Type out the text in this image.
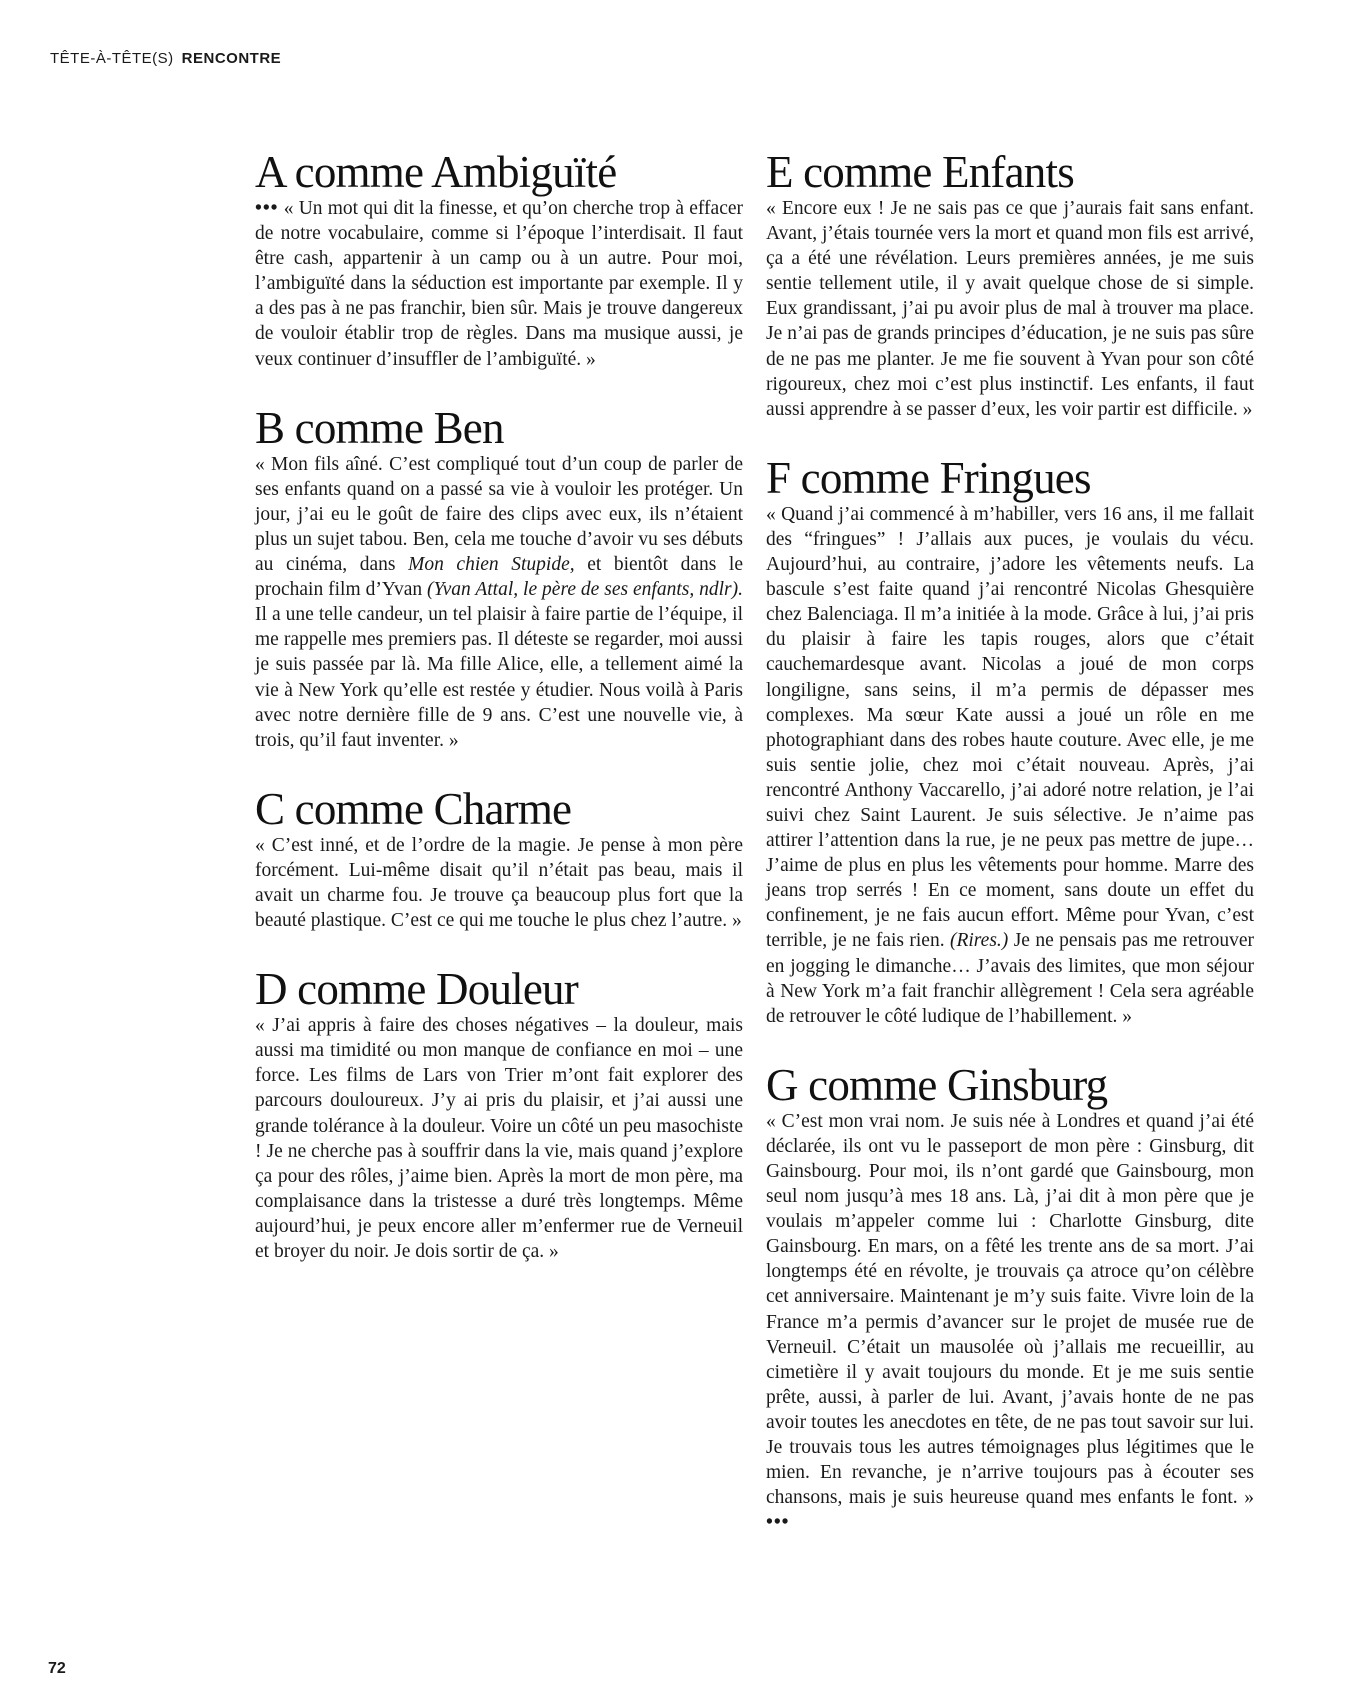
TÊTE-À-TÊTE(S) RENCONTRE
A comme Ambiguïté

••• « Un mot qui dit la finesse, et qu’on cherche trop à effacer de notre vocabulaire, comme si l’époque l’interdisait. Il faut être cash, appartenir à un camp ou à un autre. Pour moi, l’ambiguïté dans la séduction est importante par exemple. Il y a des pas à ne pas franchir, bien sûr. Mais je trouve dangereux de vouloir établir trop de règles. Dans ma musique aussi, je veux continuer d’insuffler de l’ambiguïté. »

B comme Ben

« Mon fils aîné. C’est compliqué tout d’un coup de parler de ses enfants quand on a passé sa vie à vouloir les protéger. Un jour, j’ai eu le goût de faire des clips avec eux, ils n’étaient plus un sujet tabou. Ben, cela me touche d’avoir vu ses débuts au cinéma, dans Mon chien Stupide, et bientôt dans le prochain film d’Yvan (Yvan Attal, le père de ses enfants, ndlr). Il a une telle candeur, un tel plaisir à faire partie de l’équipe, il me rappelle mes premiers pas. Il déteste se regarder, moi aussi je suis passée par là. Ma fille Alice, elle, a tellement aimé la vie à New York qu’elle est restée y étudier. Nous voilà à Paris avec notre dernière fille de 9 ans. C’est une nouvelle vie, à trois, qu’il faut inventer. »

C comme Charme

« C’est inné, et de l’ordre de la magie. Je pense à mon père forcément. Lui-même disait qu’il n’était pas beau, mais il avait un charme fou. Je trouve ça beaucoup plus fort que la beauté plastique. C’est ce qui me touche le plus chez l’autre. »

D comme Douleur

« J’ai appris à faire des choses négatives – la douleur, mais aussi ma timidité ou mon manque de confiance en moi – une force. Les films de Lars von Trier m’ont fait explorer des parcours douloureux. J’y ai pris du plaisir, et j’ai aussi une grande tolérance à la douleur. Voire un côté un peu masochiste ! Je ne cherche pas à souffrir dans la vie, mais quand j’explore ça pour des rôles, j’aime bien. Après la mort de mon père, ma complaisance dans la tristesse a duré très longtemps. Même aujourd’hui, je peux encore aller m’enfermer rue de Verneuil et broyer du noir. Je dois sortir de ça. »

E comme Enfants

« Encore eux ! Je ne sais pas ce que j’aurais fait sans enfant. Avant, j’étais tournée vers la mort et quand mon fils est arrivé, ça a été une révélation. Leurs premières années, je me suis sentie tellement utile, il y avait quelque chose de si simple. Eux grandissant, j’ai pu avoir plus de mal à trouver ma place. Je n’ai pas de grands principes d’éducation, je ne suis pas sûre de ne pas me planter. Je me fie souvent à Yvan pour son côté rigoureux, chez moi c’est plus instinctif. Les enfants, il faut aussi apprendre à se passer d’eux, les voir partir est difficile. »

F comme Fringues

« Quand j’ai commencé à m’habiller, vers 16 ans, il me fallait des “fringues” ! J’allais aux puces, je voulais du vécu. Aujourd’hui, au contraire, j’adore les vêtements neufs. La bascule s’est faite quand j’ai rencontré Nicolas Ghesquière chez Balenciaga. Il m’a initiée à la mode. Grâce à lui, j’ai pris du plaisir à faire les tapis rouges, alors que c’était cauchemardesque avant. Nicolas a joué de mon corps longiligne, sans seins, il m’a permis de dépasser mes complexes. Ma sœur Kate aussi a joué un rôle en me photographiant dans des robes haute couture. Avec elle, je me suis sentie jolie, chez moi c’était nouveau. Après, j’ai rencontré Anthony Vaccarello, j’ai adoré notre relation, je l’ai suivi chez Saint Laurent. Je suis sélective. Je n’aime pas attirer l’attention dans la rue, je ne peux pas mettre de jupe… J’aime de plus en plus les vêtements pour homme. Marre des jeans trop serrés ! En ce moment, sans doute un effet du confinement, je ne fais aucun effort. Même pour Yvan, c’est terrible, je ne fais rien. (Rires.) Je ne pensais pas me retrouver en jogging le dimanche… J’avais des limites, que mon séjour à New York m’a fait franchir allègrement ! Cela sera agréable de retrouver le côté ludique de l’habillement. »

G comme Ginsburg

« C’est mon vrai nom. Je suis née à Londres et quand j’ai été déclarée, ils ont vu le passeport de mon père : Ginsburg, dit Gainsbourg. Pour moi, ils n’ont gardé que Gainsbourg, mon seul nom jusqu’à mes 18 ans. Là, j’ai dit à mon père que je voulais m’appeler comme lui : Charlotte Ginsburg, dite Gainsbourg. En mars, on a fêté les trente ans de sa mort. J’ai longtemps été en révolte, je trouvais ça atroce qu’on célèbre cet anniversaire. Maintenant je m’y suis faite. Vivre loin de la France m’a permis d’avancer sur le projet de musée rue de Verneuil. C’était un mausolée où j’allais me recueillir, au cimetière il y avait toujours du monde. Et je me suis sentie prête, aussi, à parler de lui. Avant, j’avais honte de ne pas avoir toutes les anecdotes en tête, de ne pas tout savoir sur lui. Je trouvais tous les autres témoignages plus légitimes que le mien. En revanche, je n’arrive toujours pas à écouter ses chansons, mais je suis heureuse quand mes enfants le font. » •••

72
